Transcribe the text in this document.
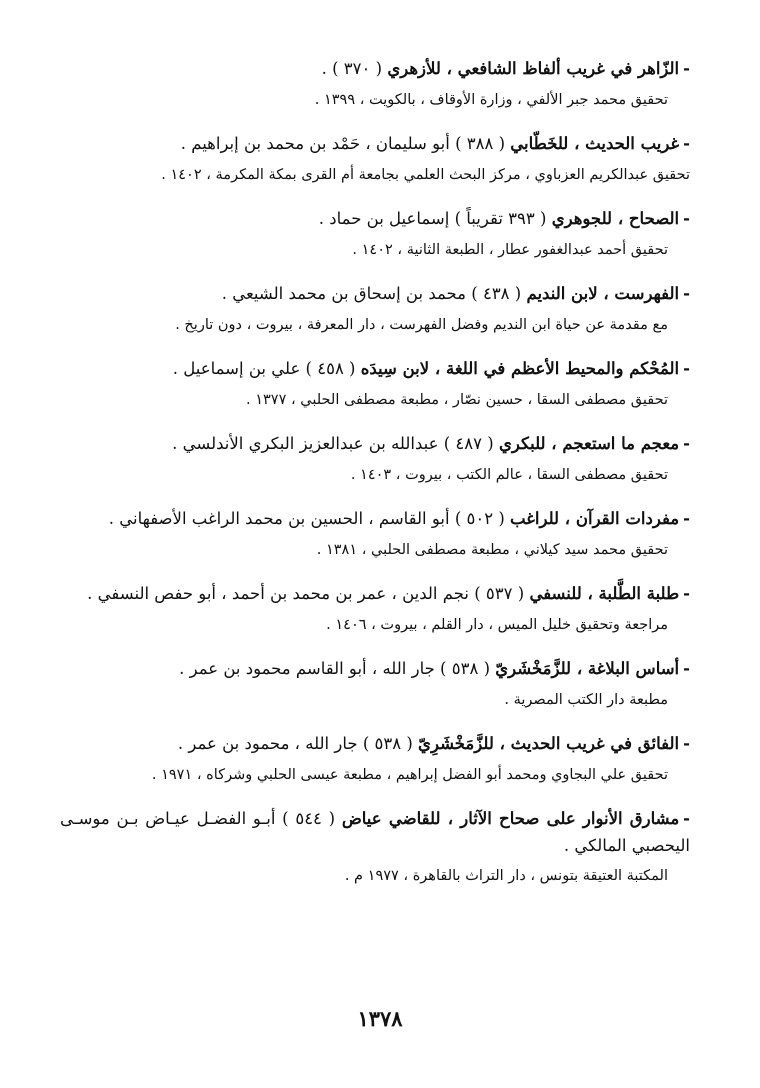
-الزّاهر في غريب ألفاظ الشافعي ، للأزهري ( ٣٧٠ ) .
تحقيق محمد جبر الألفي ، وزارة الأوقاف ، بالكويت ، ١٣٩٩ .
-غريب الحديث ، للخَطّابي ( ٣٨٨ ) أبو سليمان ، حَمْد بن محمد بن إبراهيم .
تحقيق عبدالكريم العزباوي ، مركز البحث العلمي بجامعة أم القرى بمكة المكرمة ، ١٤٠٢ .
-الصحاح ، للجوهري ( ٣٩٣ تقريباً ) إسماعيل بن حماد .
تحقيق أحمد عبدالغفور عطار ، الطبعة الثانية ، ١٤٠٢ .
-الفهرست ، لابن النديم ( ٤٣٨ ) محمد بن إسحاق بن محمد الشيعي .
مع مقدمة عن حياة ابن النديم وفضل الفهرست ، دار المعرفة ، بيروت ، دون تاريخ .
-المُحْكم والمحيط الأعظم في اللغة ، لابن سِيدَه ( ٤٥٨ ) علي بن إسماعيل .
تحقيق مصطفى السقا ، حسين نصّار ، مطبعة مصطفى الحلبي ، ١٣٧٧ .
-معجم ما استعجم ، للبكري ( ٤٨٧ ) عبدالله بن عبدالعزيز البكري الأندلسي .
تحقيق مصطفى السقا ، عالم الكتب ، بيروت ، ١٤٠٣ .
-مفردات القرآن ، للراغب ( ٥٠٢ ) أبو القاسم ، الحسين بن محمد الراغب الأصفهاني .
تحقيق محمد سيد كيلاني ، مطبعة مصطفى الحلبي ، ١٣٨١ .
-طلبة الطَّلبة ، للنسفي ( ٥٣٧ ) نجم الدين ، عمر بن محمد بن أحمد ، أبو حفص النسفي .
مراجعة وتحقيق خليل الميس ، دار القلم ، بيروت ، ١٤٠٦ .
-أساس البلاغة ، للزَّمَخْشَريّ ( ٥٣٨ ) جار الله ، أبو القاسم محمود بن عمر .
مطبعة دار الكتب المصرية .
-الفائق في غريب الحديث ، للزَّمَخْشَرِيّ ( ٥٣٨ ) جار الله ، محمود بن عمر .
تحقيق علي البجاوي ومحمد أبو الفضل إبراهيم ، مطبعة عيسى الحلبي وشركاه ، ١٩٧١ .
-مشارق الأنوار على صحاح الآثار ، للقاضي عياض ( ٥٤٤ ) أبـو الفضـل عيـاض بـن موسـى اليحصبي المالكي .
المكتبة العتيقة بتونس ، دار التراث بالقاهرة ، ١٩٧٧ م .
١٣٧٨
